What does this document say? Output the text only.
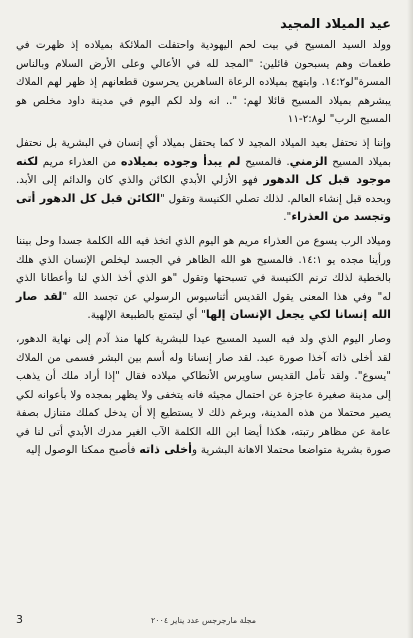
عيد الميلاد المجيد

وولد السيد المسيح في بيت لحم اليهودية واحتفلت الملائكة بميلاده إذ ظهرت في طغمات وهم يسبحون قائلين: "المجد لله في الأعالي وعلى الأرض السلام وبالناس المسرة"لو١٤:٢. وابتهج بميلاده الرعاة الساهرين يحرسون قطعانهم إذ ظهر لهم الملاك يبشرهم بميلاد المسيح قائلا لهم: ".. انه ولد لكم اليوم في مدينة داود مخلص هو المسيح الرب" لو٢:٨-١١

وإننا إذ نحتفل بعيد الميلاد المجيد لا كما يحتفل بميلاد أي إنسان في البشرية بل نحتفل بميلاد المسيح الزمني. فالمسيح لم يبدأ وجوده بميلاده من العذراء مريم لكنه موجود قبل كل الدهور فهو الأزلي الأبدي الكائن والذي كان والدائم إلى الأبد. وبحده قبل إنشاء العالم. لذلك تصلي الكنيسة وتقول "الكائن قبل كل الدهور أتى وتجسد من العذراء".

وميلاد الرب يسوع من العذراء مريم هو اليوم الذي اتخذ فيه الله الكلمة جسدا وحل بيننا ورأينا مجده يو ١٤:١. فالمسيح هو الله الظاهر في الجسد ليخلص الإنسان الذي هلك بالخطية لذلك ترنم الكنيسة في تسبحتها وتقول "هو الذي أخذ الذي لنا وأعطانا الذي له" وفي هذا المعنى يقول القديس أثناسيوس الرسولي عن تجسد الله "لقد صار الله إنسانا لكي يجعل الإنسان إلها" أي ليتمتع بالطبيعة الإلهية.

وصار اليوم الذي ولد فيه السيد المسيح عيدا للبشرية كلها منذ آدم إلى نهاية الدهور، لقد أخلى ذاته آخذا صورة عبد. لقد صار إنسانا وله أسم بين البشر فسمى من الملاك "يسوع". ولقد تأمل القديس ساويرس الأنطاكي ميلاده فقال "إذا أراد ملك أن يذهب إلى مدينة صغيرة عاجزة عن احتمال مجيئه فانه يتخفى ولا يظهر بمجده ولا بأعوانه لكي يصير محتملا من هذه المدينة، وبرغم ذلك لا يستطيع إلا أن يدخل كملك متنازل بصفة عامة عن مظاهر رتبته، هكذا أيضا ابن الله الكلمة الآب الغير مدرك الأبدي أتى لنا في صورة بشرية متواضعا محتملا الاهانة البشرية وأخلى ذاته فأصبح ممكنا الوصول إليه

3	مجلة مارجرجس عدد يناير ٢٠٠٤
